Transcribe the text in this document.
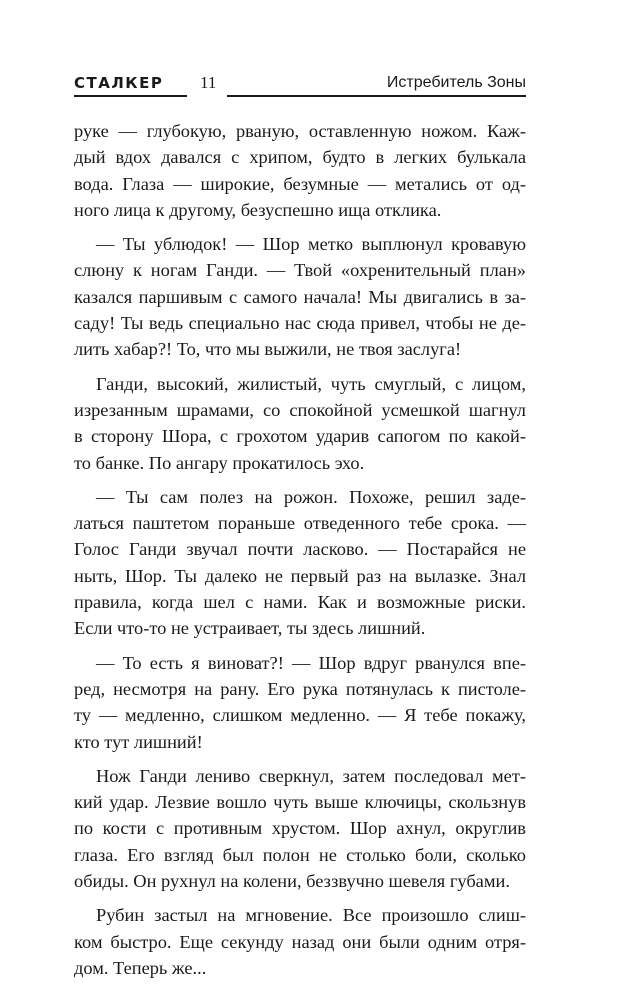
СТАЛКЕР 11	Истребитель Зоны

руке — глубокую, рваную, оставленную ножом. Каж-

дый вдох давался с хрипом, будто в легких булькала

вода. Глаза — широкие, безумные — метались от од-

ного лица к другому, безуспешно ища отклика.

— Ты ублюдок! — Шор метко выплюнул кровавую

слюну к ногам Ганди. — Твой «охренительный план»

казался паршивым с самого начала! Мы двигались в за-

саду! Ты ведь специально нас сюда привел, чтобы не де-

лить хабар?! То, что мы выжили, не твоя заслуга!

Ганди, высокий, жилистый, чуть смуглый, с лицом,

изрезанным шрамами, со спокойной усмешкой шагнул

в сторону Шора, с грохотом ударив сапогом по какой-

то банке. По ангару прокатилось эхо.

— Ты сам полез на рожон. Похоже, решил заде-

латься паштетом пораньше отведенного тебе срока. —

Голос Ганди звучал почти ласково. — Постарайся не

ныть, Шор. Ты далеко не первый раз на вылазке. Знал

правила, когда шел с нами. Как и возможные риски.

Если что-то не устраивает, ты здесь лишний.

— То есть я виноват?! — Шор вдруг рванулся впе-

ред, несмотря на рану. Его рука потянулась к пистоле-

ту — медленно, слишком медленно. — Я тебе покажу,

кто тут лишний!

Нож Ганди лениво сверкнул, затем последовал мет-

кий удар. Лезвие вошло чуть выше ключицы, скользнув

по кости с противным хрустом. Шор ахнул, округлив

глаза. Его взгляд был полон не столько боли, сколько

обиды. Он рухнул на колени, беззвучно шевеля губами.

Рубин застыл на мгновение. Все произошло слиш-

ком быстро. Еще секунду назад они были одним отря-

дом. Теперь же...
